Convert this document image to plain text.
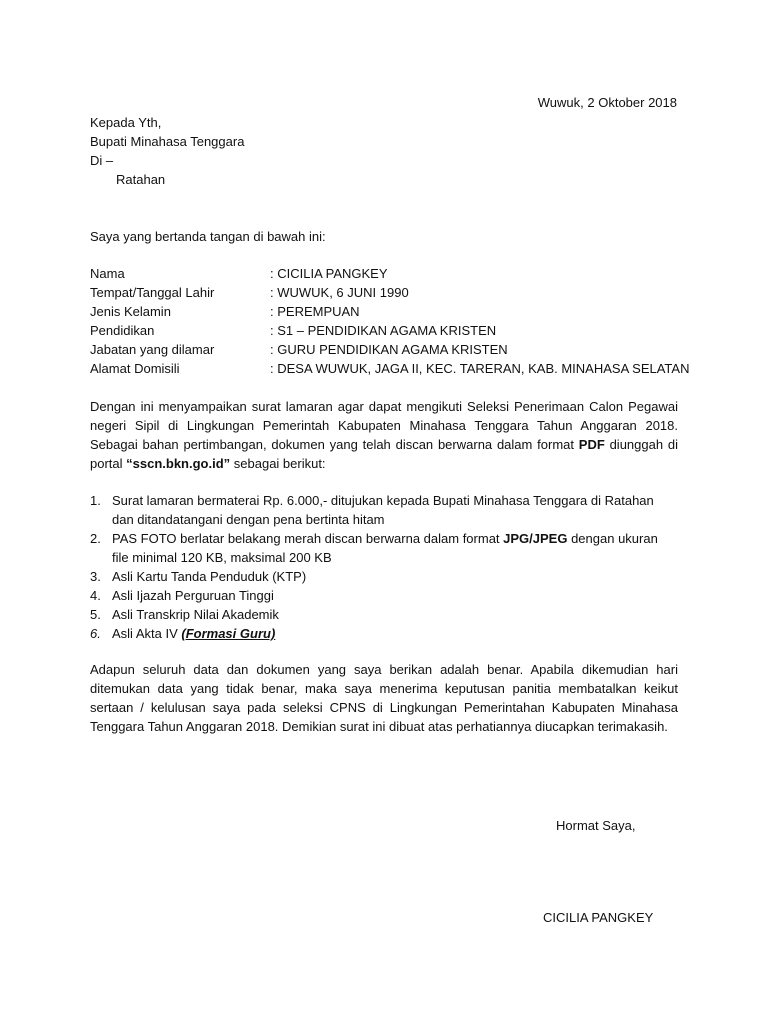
Wuwuk, 2 Oktober 2018
Kepada Yth,
Bupati Minahasa Tenggara
Di –
Ratahan
Saya yang bertanda tangan di bawah ini:
Nama	: CICILIA PANGKEY
Tempat/Tanggal Lahir	: WUWUK, 6 JUNI 1990
Jenis Kelamin	: PEREMPUAN
Pendidikan	: S1 – PENDIDIKAN AGAMA KRISTEN
Jabatan yang dilamar	: GURU PENDIDIKAN AGAMA KRISTEN
Alamat Domisili	: DESA WUWUK, JAGA II, KEC. TARERAN, KAB. MINAHASA SELATAN
Dengan ini menyampaikan surat lamaran agar dapat mengikuti Seleksi Penerimaan Calon Pegawai negeri Sipil di Lingkungan Pemerintah Kabupaten Minahasa Tenggara Tahun Anggaran 2018. Sebagai bahan pertimbangan, dokumen yang telah discan berwarna dalam format PDF diunggah di portal “sscn.bkn.go.id” sebagai berikut:
1. Surat lamaran bermaterai Rp. 6.000,- ditujukan kepada Bupati Minahasa Tenggara di Ratahan dan ditandatangani dengan pena bertinta hitam
2. PAS FOTO berlatar belakang merah discan berwarna dalam format JPG/JPEG dengan ukuran file minimal 120 KB, maksimal 200 KB
3. Asli Kartu Tanda Penduduk (KTP)
4. Asli Ijazah Perguruan Tinggi
5. Asli Transkrip Nilai Akademik
6. Asli Akta IV (Formasi Guru)
Adapun seluruh data dan dokumen yang saya berikan adalah benar. Apabila dikemudian hari ditemukan data yang tidak benar, maka saya menerima keputusan panitia membatalkan keikut sertaan / kelulusan saya pada seleksi CPNS di Lingkungan Pemerintahan Kabupaten Minahasa Tenggara Tahun Anggaran 2018. Demikian surat ini dibuat atas perhatiannya diucapkan terimakasih.
Hormat Saya,
CICILIA PANGKEY
